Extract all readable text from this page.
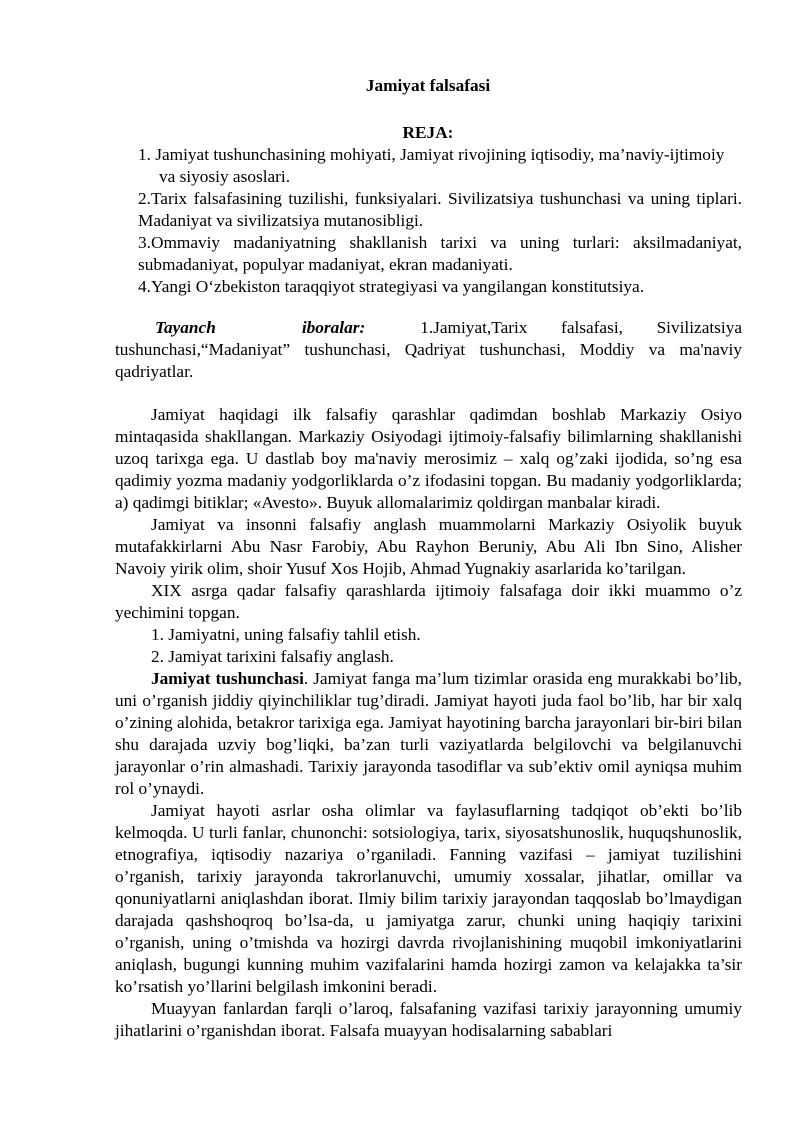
Jamiyat falsafasi
REJA:

1. Jamiyat tushunchasining mohiyati, Jamiyat rivojining iqtisodiy, ma’naviy-ijtimoiy va siyosiy asoslari.

2.Tarix falsafasining tuzilishi, funksiyalari. Sivilizatsiya tushunchasi va uning tiplari. Madaniyat va sivilizatsiya mutanosibligi.

3.Ommaviy madaniyatning shakllanish tarixi va uning turlari: aksilmadaniyat, submadaniyat, populyar madaniyat, ekran madaniyati.

4.Yangi O‘zbekiston taraqqiyot strategiyasi va yangilangan konstitutsiya.

Tayanch	iboralar:	1.Jamiyat,Tarix falsafasi, Sivilizatsiya tushunchasi,“Madaniyat” tushunchasi, Qadriyat tushunchasi, Moddiy va ma'naviy qadriyatlar.

Jamiyat haqidagi ilk falsafiy qarashlar qadimdan boshlab Markaziy Osiyo mintaqasida shakllangan. Markaziy Osiyodagi ijtimoiy-falsafiy bilimlarning shakllanishi uzoq tarixga ega. U dastlab boy ma'naviy merosimiz – xalq og’zaki ijodida, so’ng esa qadimiy yozma madaniy yodgorliklarda o’z ifodasini topgan. Bu madaniy yodgorliklarda; a) qadimgi bitiklar; «Avesto». Buyuk allomalarimiz qoldirgan manbalar kiradi.

Jamiyat va insonni falsafiy anglash muammolarni Markaziy Osiyolik buyuk mutafakkirlarni Abu Nasr Farobiy, Abu Rayhon Beruniy, Abu Ali Ibn Sino, Alisher Navoiy yirik olim, shoir Yusuf Xos Hojib, Ahmad Yugnakiy asarlarida ko’tarilgan.

XIX asrga qadar falsafiy qarashlarda ijtimoiy falsafaga doir ikki muammo o’z yechimini topgan.

1. Jamiyatni, uning falsafiy tahlil etish.

2. Jamiyat tarixini falsafiy anglash.

Jamiyat tushunchasi. Jamiyat fanga ma’lum tizimlar orasida eng murakkabi bo’lib, uni o’rganish jiddiy qiyinchiliklar tug’diradi. Jamiyat hayoti juda faol bo’lib, har bir xalq o’zining alohida, betakror tarixiga ega. Jamiyat hayotining barcha jarayonlari bir-biri bilan shu darajada uzviy bog’liqki, ba’zan turli vaziyatlarda belgilovchi va belgilanuvchi jarayonlar o’rin almashadi. Tarixiy jarayonda tasodiflar va sub’ektiv omil ayniqsa muhim rol o’ynaydi.

Jamiyat hayoti asrlar osha olimlar va faylasuflarning tadqiqot ob’ekti bo’lib kelmoqda. U turli fanlar, chunonchi: sotsiologiya, tarix, siyosatshunoslik, huquqshunoslik, etnografiya, iqtisodiy nazariya o’rganiladi. Fanning vazifasi – jamiyat tuzilishini o’rganish, tarixiy jarayonda takrorlanuvchi, umumiy xossalar, jihatlar, omillar va qonuniyatlarni aniqlashdan iborat. Ilmiy bilim tarixiy jarayondan taqqoslab bo’lmaydigan darajada qashshoqroq bo’lsa-da, u jamiyatga zarur, chunki uning haqiqiy tarixini o’rganish, uning o’tmishda va hozirgi davrda rivojlanishining muqobil imkoniyatlarini aniqlash, bugungi kunning muhim vazifalarini hamda hozirgi zamon va kelajakka ta’sir ko’rsatish yo’llarini belgilash imkonini beradi.

Muayyan fanlardan farqli o’laroq, falsafaning vazifasi tarixiy jarayonning umumiy jihatlarini o’rganishdan iborat. Falsafa muayyan hodisalarning sabablari
